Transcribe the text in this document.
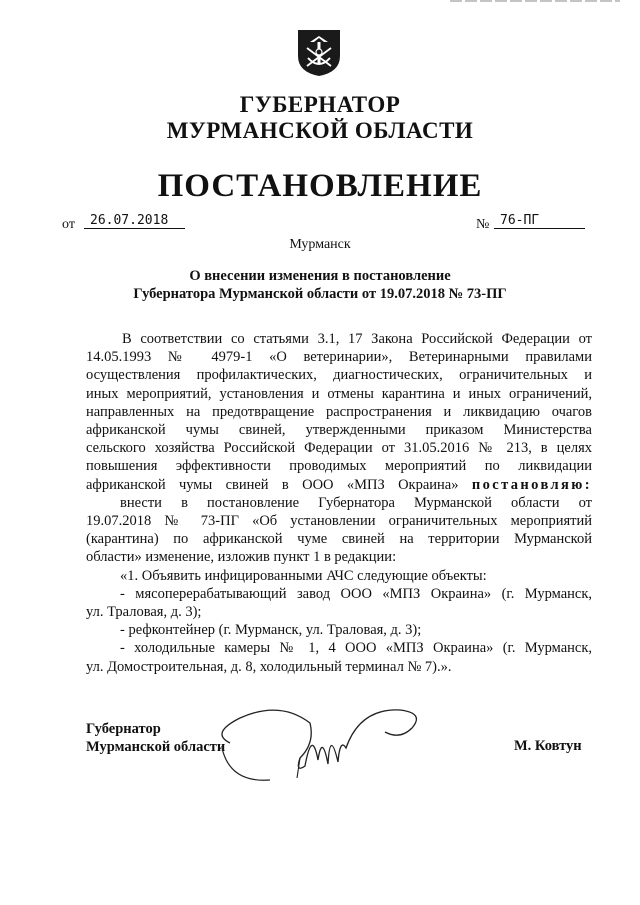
ГУБЕРНАТОР
МУРМАНСКОЙ ОБЛАСТИ
ПОСТАНОВЛЕНИЕ
от	26.07.2018	№ 76-ПГ
Мурманск
О внесении изменения в постановление
Губернатора Мурманской области от 19.07.2018 № 73-ПГ

В соответствии со статьями 3.1, 17 Закона Российской Федерации от

14.05.1993 № 4979-1 «О ветеринарии», Ветеринарными правилами

осуществления профилактических, диагностических, ограничительных и

иных мероприятий, установления и отмены карантина и иных ограничений,

направленных на предотвращение распространения и ликвидацию очагов

африканской чумы свиней, утвержденными приказом Министерства

сельского хозяйства Российской Федерации от 31.05.2016 № 213, в целях

повышения эффективности проводимых мероприятий по ликвидации

африканской чумы свиней в ООО «МПЗ Окраина» постановляю:

внести в постановление Губернатора Мурманской области от

19.07.2018 № 73-ПГ «Об установлении ограничительных мероприятий

(карантина) по африканской чуме свиней на территории Мурманской

области» изменение, изложив пункт 1 в редакции:

«1. Объявить инфицированными АЧС следующие объекты:

- мясоперерабатывающий завод ООО «МПЗ Окраина» (г. Мурманск,

ул. Траловая, д. 3);

- рефконтейнер (г. Мурманск, ул. Траловая, д. 3);

- холодильные камеры № 1, 4 ООО «МПЗ Окраина» (г. Мурманск,

ул. Домостроительная, д. 8, холодильный терминал № 7).».

Губернатор
Мурманской области	М. Ковтун
